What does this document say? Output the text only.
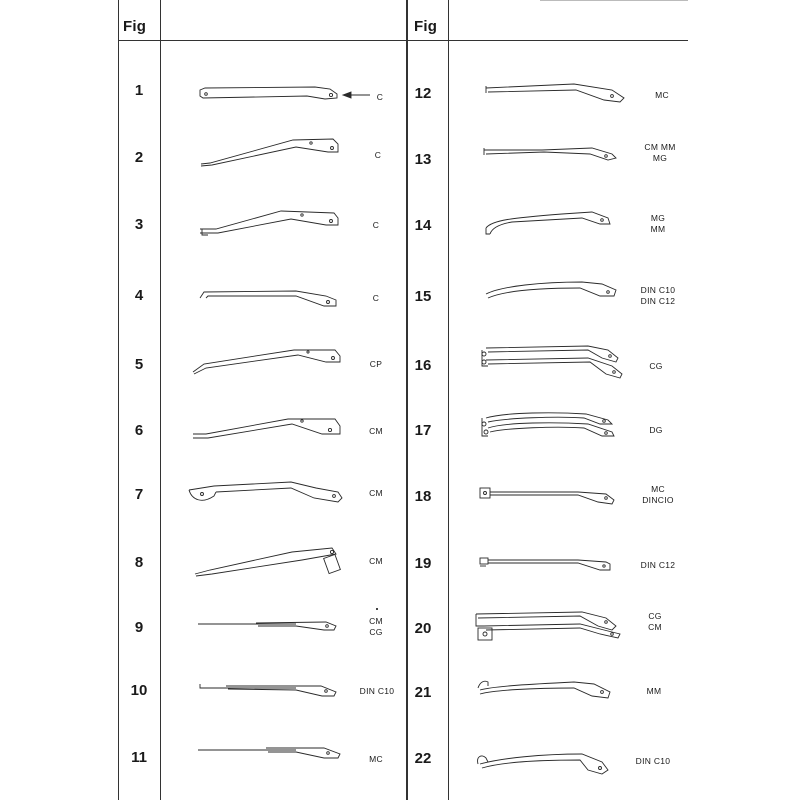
Fig	Fig
1
2
3
4
5
6
7
8
9
10
11
C
C
C
C
CP
CM
CM
CM
CM
CG
DIN C10
MC
12
13
14
15
16
17
18
19
20
21
22
MC
CM MM
MG
MG
MM
DIN C10
DIN C12
CG
DG
MC
DINCIO
DIN C12
CG
CM
MM
DIN C10
